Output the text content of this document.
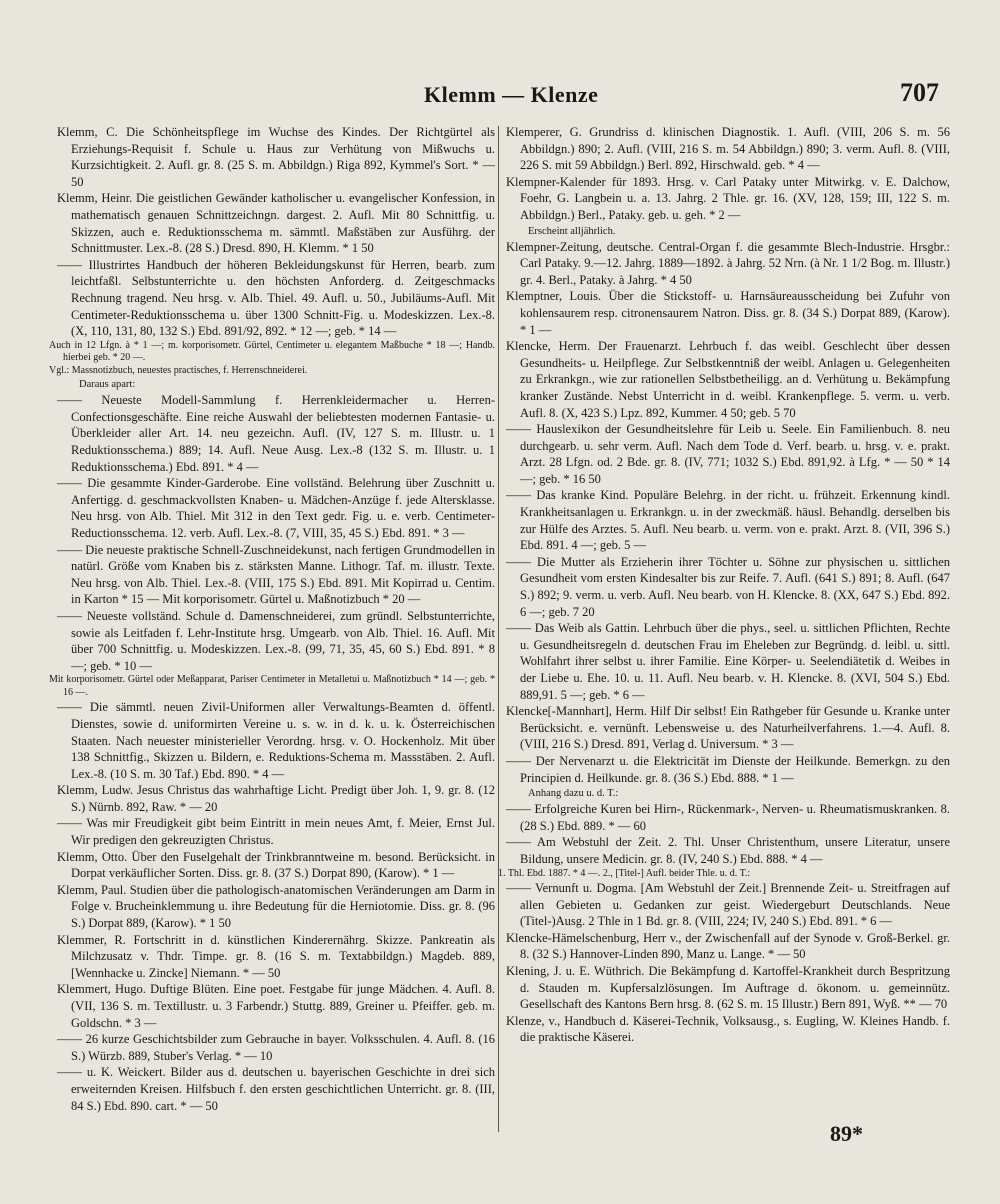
Klemm — Klenze	707

Klemm, C. Die Schönheitspflege im Wuchse des Kindes. Der Richtgürtel als Erziehungs-Requisit f. Schule u. Haus zur Verhütung von Mißwuchs u. Kurzsichtigkeit. 2. Aufl. gr. 8. (25 S. m. Abbildgn.) Riga 892, Kymmel's Sort. * — 50

Klemm, Heinr. Die geistlichen Gewänder katholischer u. evangelischer Konfession, in mathematisch genauen Schnittzeichngn. dargest. 2. Aufl. Mit 80 Schnittfig. u. Skizzen, auch e. Reduktionsschema m. sämmtl. Maßstäben zur Ausführg. der Schnittmuster. Lex.-8. (28 S.) Dresd. 890, H. Klemm. * 1 50

—— Illustrirtes Handbuch der höheren Bekleidungskunst für Herren, bearb. zum leichtfaßl. Selbstunterrichte u. den höchsten Anforderg. d. Zeitgeschmacks Rechnung tragend. Neu hrsg. v. Alb. Thiel. 49. Aufl. u. 50., Jubiläums-Aufl. Mit Centimeter-Reduktionsschema u. über 1300 Schnitt-Fig. u. Modeskizzen. Lex.-8. (X, 110, 131, 80, 132 S.) Ebd. 891/92, 892. * 12 —; geb. * 14 —

Auch in 12 Lfgn. à * 1 —; m. korporisometr. Gürtel, Centimeter u. elegantem Maßbuche * 18 —; Handb. hierbei geb. * 20 —.

Vgl.: Massnotizbuch, neuestes practisches, f. Herrenschneiderei.

Daraus apart:

—— Neueste Modell-Sammlung f. Herrenkleidermacher u. Herren-Confectionsgeschäfte. Eine reiche Auswahl der beliebtesten modernen Fantasie- u. Überkleider aller Art. 14. neu gezeichn. Aufl. (IV, 127 S. m. Illustr. u. 1 Reduktionsschema.) 889; 14. Aufl. Neue Ausg. Lex.-8 (132 S. m. Illustr. u. 1 Reduktionsschema.) Ebd. 891. * 4 —

—— Die gesammte Kinder-Garderobe. Eine vollständ. Belehrung über Zuschnitt u. Anfertigg. d. geschmackvollsten Knaben- u. Mädchen-Anzüge f. jede Altersklasse. Neu hrsg. von Alb. Thiel. Mit 312 in den Text gedr. Fig. u. e. verb. Centimeter-Reductionsschema. 12. verb. Aufl. Lex.-8. (7, VIII, 35, 45 S.) Ebd. 891. * 3 —

—— Die neueste praktische Schnell-Zuschneidekunst, nach fertigen Grundmodellen in natürl. Größe vom Knaben bis z. stärksten Manne. Lithogr. Taf. m. illustr. Texte. Neu hrsg. von Alb. Thiel. Lex.-8. (VIII, 175 S.) Ebd. 891. Mit Kopirrad u. Centim. in Karton * 15 — Mit korporisometr. Gürtel u. Maßnotizbuch * 20 —

—— Neueste vollständ. Schule d. Damenschneiderei, zum gründl. Selbstunterrichte, sowie als Leitfaden f. Lehr-Institute hrsg. Umgearb. von Alb. Thiel. 16. Aufl. Mit über 700 Schnittfig. u. Modeskizzen. Lex.-8. (99, 71, 35, 45, 60 S.) Ebd. 891. * 8 —; geb. * 10 —

Mit korporisometr. Gürtel oder Meßapparat, Pariser Centimeter in Metalletui u. Maßnotizbuch * 14 —; geb. * 16 —.

—— Die sämmtl. neuen Zivil-Uniformen aller Verwaltungs-Beamten d. öffentl. Dienstes, sowie d. uniformirten Vereine u. s. w. in d. k. u. k. Österreichischen Staaten. Nach neuester ministerieller Verordng. hrsg. v. O. Hockenholz. Mit über 138 Schnittfig., Skizzen u. Bildern, e. Reduktions-Schema m. Massstäben. 2. Aufl. Lex.-8. (10 S. m. 30 Taf.) Ebd. 890. * 4 —

Klemm, Ludw. Jesus Christus das wahrhaftige Licht. Predigt über Joh. 1, 9. gr. 8. (12 S.) Nürnb. 892, Raw. * — 20

—— Was mir Freudigkeit gibt beim Eintritt in mein neues Amt, f. Meier, Ernst Jul. Wir predigen den gekreuzigten Christus.

Klemm, Otto. Über den Fuselgehalt der Trinkbranntweine m. besond. Berücksicht. in Dorpat verkäuflicher Sorten. Diss. gr. 8. (37 S.) Dorpat 890, (Karow). * 1 —

Klemm, Paul. Studien über die pathologisch-anatomischen Veränderungen am Darm in Folge v. Brucheinklemmung u. ihre Bedeutung für die Herniotomie. Diss. gr. 8. (96 S.) Dorpat 889, (Karow). * 1 50

Klemmer, R. Fortschritt in d. künstlichen Kinderernährg. Skizze. Pankreatin als Milchzusatz v. Thdr. Timpe. gr. 8. (16 S. m. Textabbildgn.) Magdeb. 889, [Wennhacke u. Zincke] Niemann. * — 50

Klemmert, Hugo. Duftige Blüten. Eine poet. Festgabe für junge Mädchen. 4. Aufl. 8. (VII, 136 S. m. Textillustr. u. 3 Farbendr.) Stuttg. 889, Greiner u. Pfeiffer. geb. m. Goldschn. * 3 —

—— 26 kurze Geschichtsbilder zum Gebrauche in bayer. Volksschulen. 4. Aufl. 8. (16 S.) Würzb. 889, Stuber's Verlag. * — 10

—— u. K. Weickert. Bilder aus d. deutschen u. bayerischen Geschichte in drei sich erweiternden Kreisen. Hilfsbuch f. den ersten geschichtlichen Unterricht. gr. 8. (III, 84 S.) Ebd. 890. cart. * — 50

Klemperer, G. Grundriss d. klinischen Diagnostik. 1. Aufl. (VIII, 206 S. m. 56 Abbildgn.) 890; 2. Aufl. (VIII, 216 S. m. 54 Abbildgn.) 890; 3. verm. Aufl. 8. (VIII, 226 S. mit 59 Abbildgn.) Berl. 892, Hirschwald. geb. * 4 —

Klempner-Kalender für 1893. Hrsg. v. Carl Pataky unter Mitwirkg. v. E. Dalchow, Foehr, G. Langbein u. a. 13. Jahrg. 2 Thle. gr. 16. (XV, 128, 159; III, 122 S. m. Abbildgn.) Berl., Pataky. geb. u. geh. * 2 —

Erscheint alljährlich.

Klempner-Zeitung, deutsche. Central-Organ f. die gesammte Blech-Industrie. Hrsgbr.: Carl Pataky. 9.—12. Jahrg. 1889—1892. à Jahrg. 52 Nrn. (à Nr. 1 1/2 Bog. m. Illustr.) gr. 4. Berl., Pataky. à Jahrg. * 4 50

Klemptner, Louis. Über die Stickstoff- u. Harnsäureausscheidung bei Zufuhr von kohlensaurem resp. citronensaurem Natron. Diss. gr. 8. (34 S.) Dorpat 889, (Karow). * 1 —

Klencke, Herm. Der Frauenarzt. Lehrbuch f. das weibl. Geschlecht über dessen Gesundheits- u. Heilpflege. Zur Selbstkenntniß der weibl. Anlagen u. Gelegenheiten zu Erkrankgn., wie zur rationellen Selbstbetheiligg. an d. Verhütung u. Bekämpfung kranker Zustände. Nebst Unterricht in d. weibl. Krankenpflege. 5. verm. u. verb. Aufl. 8. (X, 423 S.) Lpz. 892, Kummer. 4 50; geb. 5 70

—— Hauslexikon der Gesundheitslehre für Leib u. Seele. Ein Familienbuch. 8. neu durchgearb. u. sehr verm. Aufl. Nach dem Tode d. Verf. bearb. u. hrsg. v. e. prakt. Arzt. 28 Lfgn. od. 2 Bde. gr. 8. (IV, 771; 1032 S.) Ebd. 891,92. à Lfg. * — 50 * 14 —; geb. * 16 50

—— Das kranke Kind. Populäre Belehrg. in der richt. u. frühzeit. Erkennung kindl. Krankheitsanlagen u. Erkrankgn. u. in der zweckmäß. häusl. Behandlg. derselben bis zur Hülfe des Arztes. 5. Aufl. Neu bearb. u. verm. von e. prakt. Arzt. 8. (VII, 396 S.) Ebd. 891. 4 —; geb. 5 —

—— Die Mutter als Erzieherin ihrer Töchter u. Söhne zur physischen u. sittlichen Gesundheit vom ersten Kindesalter bis zur Reife. 7. Aufl. (641 S.) 891; 8. Aufl. (647 S.) 892; 9. verm. u. verb. Aufl. Neu bearb. von H. Klencke. 8. (XX, 647 S.) Ebd. 892. 6 —; geb. 7 20

—— Das Weib als Gattin. Lehrbuch über die phys., seel. u. sittlichen Pflichten, Rechte u. Gesundheitsregeln d. deutschen Frau im Eheleben zur Begründg. d. leibl. u. sittl. Wohlfahrt ihrer selbst u. ihrer Familie. Eine Körper- u. Seelendiätetik d. Weibes in der Liebe u. Ehe. 10. u. 11. Aufl. Neu bearb. v. H. Klencke. 8. (XVI, 504 S.) Ebd. 889,91. 5 —; geb. * 6 —

Klencke[-Mannhart], Herm. Hilf Dir selbst! Ein Rathgeber für Gesunde u. Kranke unter Berücksicht. e. vernünft. Lebensweise u. des Naturheilverfahrens. 1.—4. Aufl. 8. (VIII, 216 S.) Dresd. 891, Verlag d. Universum. * 3 —

—— Der Nervenarzt u. die Elektricität im Dienste der Heilkunde. Bemerkgn. zu den Principien d. Heilkunde. gr. 8. (36 S.) Ebd. 888. * 1 —

Anhang dazu u. d. T.:

—— Erfolgreiche Kuren bei Hirn-, Rückenmark-, Nerven- u. Rheumatismuskranken. 8. (28 S.) Ebd. 889. * — 60

—— Am Webstuhl der Zeit. 2. Thl. Unser Christenthum, unsere Literatur, unsere Bildung, unsere Medicin. gr. 8. (IV, 240 S.) Ebd. 888. * 4 —

1. Thl. Ebd. 1887. * 4 —. 2., [Titel-] Aufl. beider Thle. u. d. T.:

—— Vernunft u. Dogma. [Am Webstuhl der Zeit.] Brennende Zeit- u. Streitfragen auf allen Gebieten u. Gedanken zur geist. Wiedergeburt Deutschlands. Neue (Titel-)Ausg. 2 Thle in 1 Bd. gr. 8. (VIII, 224; IV, 240 S.) Ebd. 891. * 6 —

Klencke-Hämelschenburg, Herr v., der Zwischenfall auf der Synode v. Groß-Berkel. gr. 8. (32 S.) Hannover-Linden 890, Manz u. Lange. * — 50

Klening, J. u. E. Wüthrich. Die Bekämpfung d. Kartoffel-Krankheit durch Bespritzung d. Stauden m. Kupfersalzlösungen. Im Auftrage d. ökonom. u. gemeinnütz. Gesellschaft des Kantons Bern hrsg. 8. (62 S. m. 15 Illustr.) Bern 891, Wyß. ** — 70

Klenze, v., Handbuch d. Käserei-Technik, Volksausg., s. Eugling, W. Kleines Handb. f. die praktische Käserei.

89*
